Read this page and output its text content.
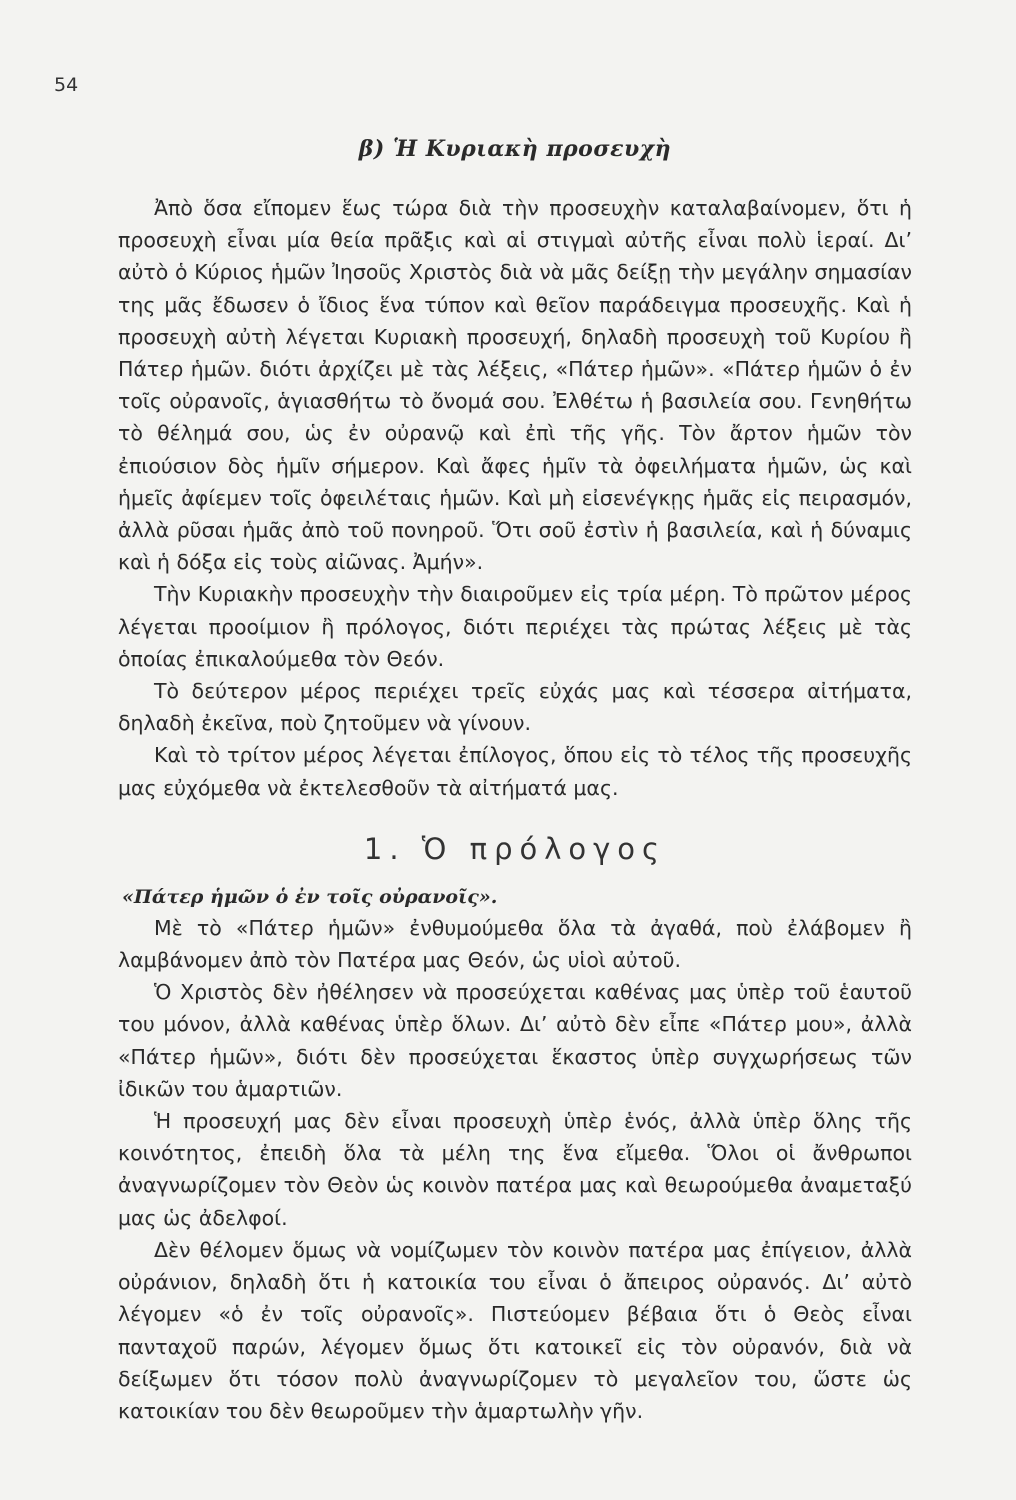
54
β) Ἡ Κυριακὴ προσευχὴ

Ἀπὸ ὅσα εἴπομεν ἕως τώρα διὰ τὴν προσευχὴν καταλαβαίνομεν, ὅτι ἡ προσευχὴ εἶναι μία θεία πρᾶξις καὶ αἱ στιγμαὶ αὐτῆς εἶναι πολὺ ἱεραί. Δι’ αὐτὸ ὁ Κύριος ἡμῶν Ἰησοῦς Χριστὸς διὰ νὰ μᾶς δείξῃ τὴν μεγάλην σημασίαν της μᾶς ἔδωσεν ὁ ἴδιος ἕνα τύπον καὶ θεῖον παράδειγμα προσευχῆς. Καὶ ἡ προσευχὴ αὐτὴ λέγεται Κυριακὴ προσευχή, δηλαδὴ προσευχὴ τοῦ Κυρίου ἢ Πάτερ ἡμῶν. διότι ἀρχίζει μὲ τὰς λέξεις, «Πάτερ ἡμῶν». «Πάτερ ἡμῶν ὁ ἐν τοῖς οὐρανοῖς, ἁγιασθήτω τὸ ὄνομά σου. Ἐλθέτω ἡ βασιλεία σου. Γενηθήτω τὸ θέλημά σου, ὡς ἐν οὐρανῷ καὶ ἐπὶ τῆς γῆς. Τὸν ἄρτον ἡμῶν τὸν ἐπιούσιον δὸς ἡμῖν σήμερον. Καὶ ἄφες ἡμῖν τὰ ὀφειλήματα ἡμῶν, ὡς καὶ ἡμεῖς ἀφίεμεν τοῖς ὀφειλέταις ἡμῶν. Καὶ μὴ εἰσενέγκῃς ἡμᾶς εἰς πειρασμόν, ἀλλὰ ρῦσαι ἡμᾶς ἀπὸ τοῦ πονηροῦ. Ὅτι σοῦ ἐστὶν ἡ βασιλεία, καὶ ἡ δύναμις καὶ ἡ δόξα εἰς τοὺς αἰῶνας. Ἀμήν».

Τὴν Κυριακὴν προσευχὴν τὴν διαιροῦμεν εἰς τρία μέρη. Τὸ πρῶτον μέρος λέγεται προοίμιον ἢ πρόλογος, διότι περιέχει τὰς πρώτας λέξεις μὲ τὰς ὁποίας ἐπικαλούμεθα τὸν Θεόν.

Τὸ δεύτερον μέρος περιέχει τρεῖς εὐχάς μας καὶ τέσσερα αἰτήματα, δηλαδὴ ἐκεῖνα, ποὺ ζητοῦμεν νὰ γίνουν.

Καὶ τὸ τρίτον μέρος λέγεται ἐπίλογος, ὅπου εἰς τὸ τέλος τῆς προσευχῆς μας εὐχόμεθα νὰ ἐκτελεσθοῦν τὰ αἰτήματά μας.

1. Ὁ πρόλογος
«Πάτερ ἡμῶν ὁ ἐν τοῖς οὐρανοῖς».

Μὲ τὸ «Πάτερ ἡμῶν» ἐνθυμούμεθα ὅλα τὰ ἀγαθά, ποὺ ἐλάβομεν ἢ λαμβάνομεν ἀπὸ τὸν Πατέρα μας Θεόν, ὡς υἱοὶ αὐτοῦ.

Ὁ Χριστὸς δὲν ἠθέλησεν νὰ προσεύχεται καθένας μας ὑπὲρ τοῦ ἑαυτοῦ του μόνον, ἀλλὰ καθένας ὑπὲρ ὅλων. Δι’ αὐτὸ δὲν εἶπε «Πάτερ μου», ἀλλὰ «Πάτερ ἡμῶν», διότι δὲν προσεύχεται ἕκαστος ὑπὲρ συγχωρήσεως τῶν ἰδικῶν του ἁμαρτιῶν.

Ἡ προσευχή μας δὲν εἶναι προσευχὴ ὑπὲρ ἑνός, ἀλλὰ ὑπὲρ ὅλης τῆς κοινότητος, ἐπειδὴ ὅλα τὰ μέλη της ἕνα εἴμεθα. Ὅλοι οἱ ἄνθρωποι ἀναγνωρίζομεν τὸν Θεὸν ὡς κοινὸν πατέρα μας καὶ θεωρούμεθα ἀναμεταξύ μας ὡς ἀδελφοί.

Δὲν θέλομεν ὅμως νὰ νομίζωμεν τὸν κοινὸν πατέρα μας ἐπίγειον, ἀλλὰ οὐράνιον, δηλαδὴ ὅτι ἡ κατοικία του εἶναι ὁ ἄπειρος οὐρανός. Δι’ αὐτὸ λέγομεν «ὁ ἐν τοῖς οὐρανοῖς». Πιστεύομεν βέβαια ὅτι ὁ Θεὸς εἶναι πανταχοῦ παρών, λέγομεν ὅμως ὅτι κατοικεῖ εἰς τὸν οὐρανόν, διὰ νὰ δείξωμεν ὅτι τόσον πολὺ ἀναγνωρίζομεν τὸ μεγαλεῖον του, ὥστε ὡς κατοικίαν του δὲν θεωροῦμεν τὴν ἁμαρτωλὴν γῆν.
